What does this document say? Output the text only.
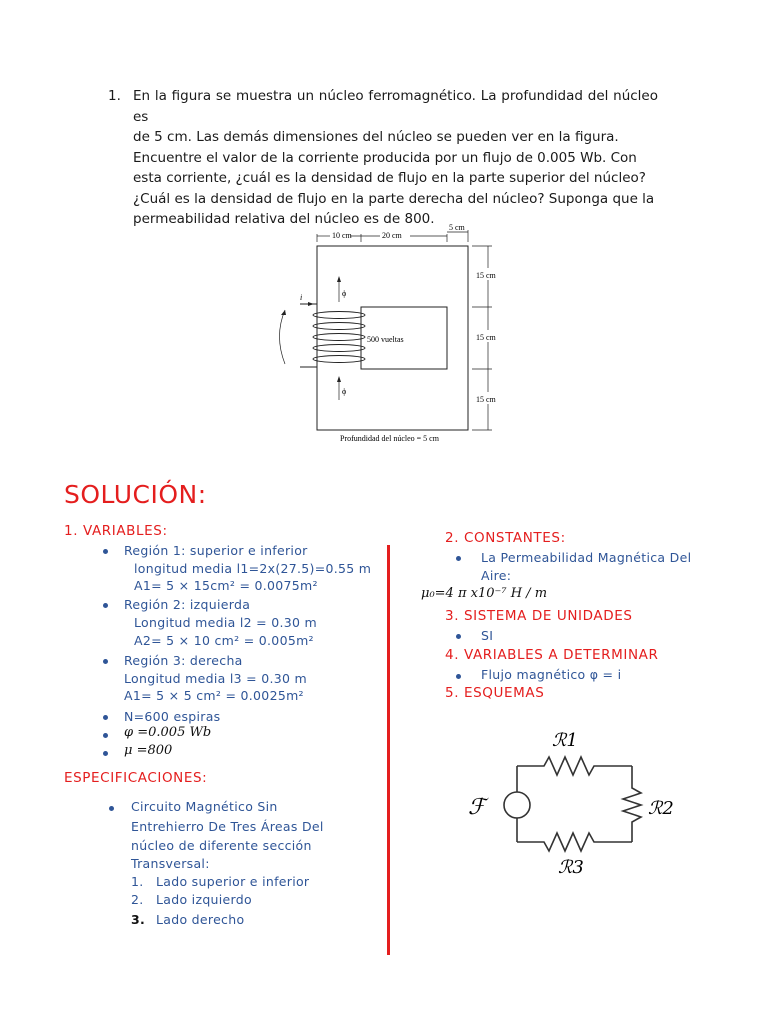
1. En la figura se muestra un núcleo ferromagnético. La profundidad del núcleo es
de 5 cm. Las demás dimensiones del núcleo se pueden ver en la figura.
Encuentre el valor de la corriente producida por un flujo de 0.005 Wb. Con
esta corriente, ¿cuál es la densidad de flujo en la parte superior del núcleo?
¿Cuál es la densidad de flujo en la parte derecha del núcleo? Suponga que la
permeabilidad relativa del núcleo es de 800.
10 cm	20 cm
5 cm
15 cm
15 cm
15 cm
ϕ
ϕ
i
500 vueltas
Profundidad del núcleo = 5 cm
SOLUCIÓN:
1. VARIABLES:
Región 1: superior e inferior
longitud media l1=2x(27.5)=0.55 m
A1= 5 × 15cm² = 0.0075m²
Región 2: izquierda
Longitud media l2 = 0.30 m
A2= 5 × 10 cm² = 0.005m²
Región 3: derecha
Longitud media l3 = 0.30 m
A1= 5 × 5 cm² = 0.0025m²
N=600 espiras
φ =0.005 Wb
μ =800
ESPECIFICACIONES:
Circuito Magnético Sin
Entrehierro De Tres Áreas Del
núcleo de diferente sección
Transversal:
1. Lado superior e inferior
2. Lado izquierdo
3. Lado derecho
2. CONSTANTES:
La Permeabilidad Magnética Del
Aire:
μ₀=4 π x10⁻⁷ H / m
3. SISTEMA DE UNIDADES
SI
4. VARIABLES A DETERMINAR
Flujo magnético φ = i
5. ESQUEMAS
ℛ1
ℛ2
ℛ3
ℱ
